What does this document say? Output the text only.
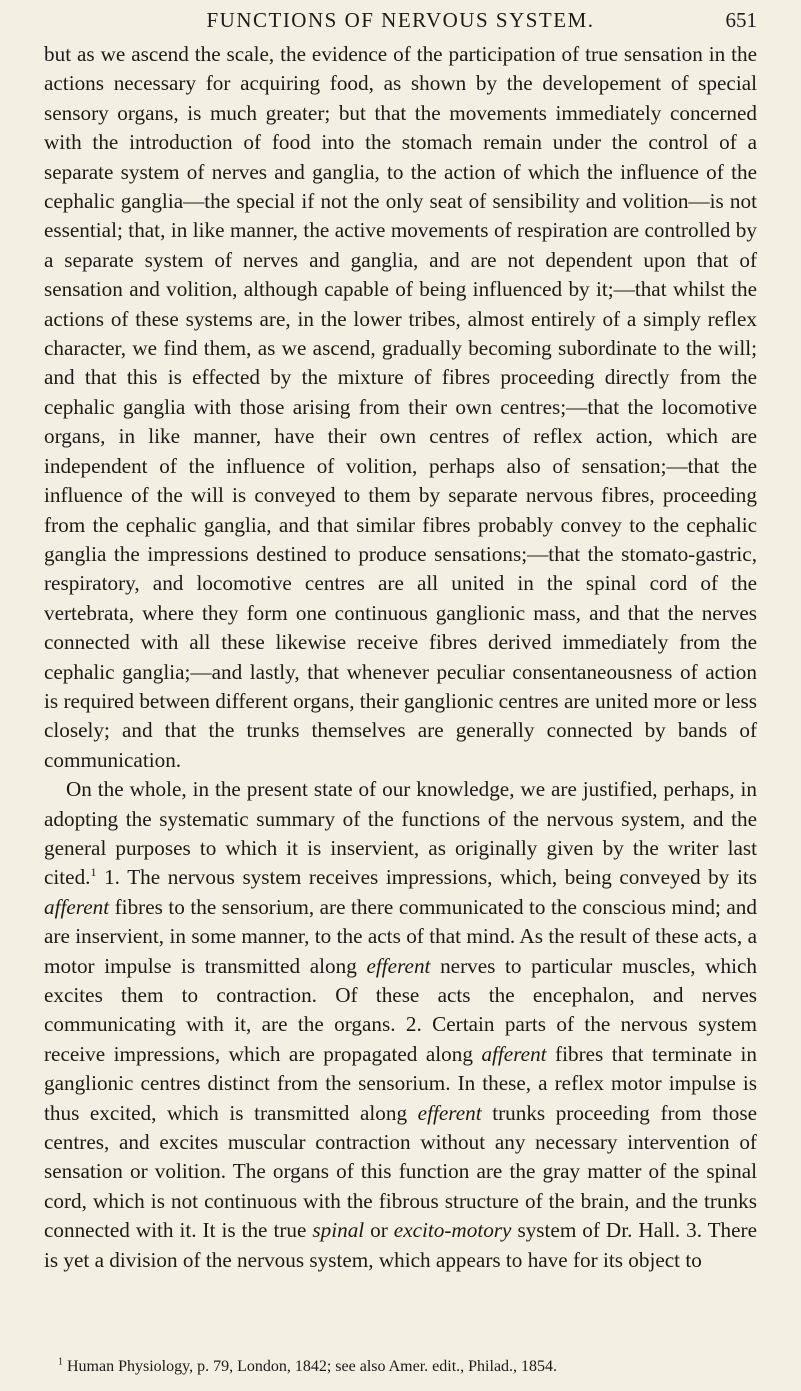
FUNCTIONS OF NERVOUS SYSTEM.	651

but as we ascend the scale, the evidence of the participation of true sensation in the actions necessary for acquiring food, as shown by the developement of special sensory organs, is much greater; but that the movements immediately concerned with the introduction of food into the stomach remain under the control of a separate system of nerves and ganglia, to the action of which the influence of the cephalic ganglia—the special if not the only seat of sensibility and volition—is not essential; that, in like manner, the active movements of respiration are controlled by a separate system of nerves and ganglia, and are not dependent upon that of sensation and volition, although capable of being influenced by it;—that whilst the actions of these systems are, in the lower tribes, almost entirely of a simply reflex character, we find them, as we ascend, gradually becoming subordinate to the will; and that this is effected by the mixture of fibres proceeding directly from the cephalic ganglia with those arising from their own centres;—that the locomotive organs, in like manner, have their own centres of reflex action, which are independent of the influence of volition, perhaps also of sensation;—that the influence of the will is conveyed to them by separate nervous fibres, proceeding from the cephalic ganglia, and that similar fibres probably convey to the cephalic ganglia the impressions destined to produce sensations;—that the stomato-gastric, respiratory, and locomotive centres are all united in the spinal cord of the vertebrata, where they form one continuous ganglionic mass, and that the nerves connected with all these likewise receive fibres derived immediately from the cephalic ganglia;—and lastly, that whenever peculiar consentaneousness of action is required between different organs, their ganglionic centres are united more or less closely; and that the trunks themselves are generally connected by bands of communication.

On the whole, in the present state of our knowledge, we are justified, perhaps, in adopting the systematic summary of the functions of the nervous system, and the general purposes to which it is inservient, as originally given by the writer last cited.$^1$ 1. The nervous system receives impressions, which, being conveyed by its afferent fibres to the sensorium, are there communicated to the conscious mind; and are inservient, in some manner, to the acts of that mind. As the result of these acts, a motor impulse is transmitted along efferent nerves to particular muscles, which excites them to contraction. Of these acts the encephalon, and nerves communicating with it, are the organs. 2. Certain parts of the nervous system receive impressions, which are propagated along afferent fibres that terminate in ganglionic centres distinct from the sensorium. In these, a reflex motor impulse is thus excited, which is transmitted along efferent trunks proceeding from those centres, and excites muscular contraction without any necessary intervention of sensation or volition. The organs of this function are the gray matter of the spinal cord, which is not continuous with the fibrous structure of the brain, and the trunks connected with it. It is the true spinal or excito-motory system of Dr. Hall. 3. There is yet a division of the nervous system, which appears to have for its object to

$^1$ Human Physiology, p. 79, London, 1842; see also Amer. edit., Philad., 1854.
